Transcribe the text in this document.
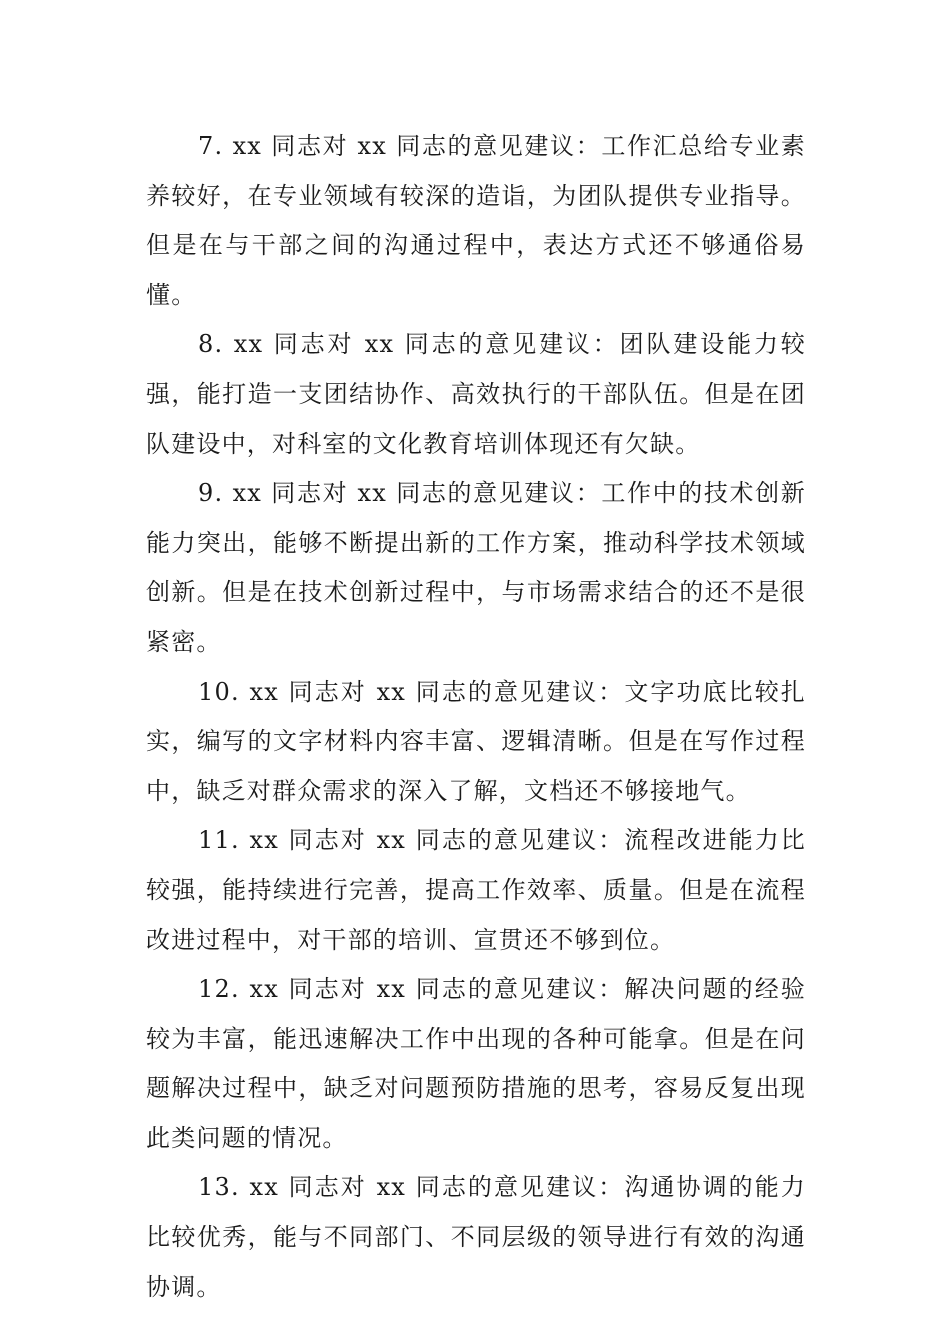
7. xx 同志对 xx 同志的意见建议：工作汇总给专业素养较好，在专业领域有较深的造诣，为团队提供专业指导。但是在与干部之间的沟通过程中，表达方式还不够通俗易懂。

8. xx 同志对 xx 同志的意见建议：团队建设能力较强，能打造一支团结协作、高效执行的干部队伍。但是在团队建设中，对科室的文化教育培训体现还有欠缺。

9. xx 同志对 xx 同志的意见建议：工作中的技术创新能力突出，能够不断提出新的工作方案，推动科学技术领域创新。但是在技术创新过程中，与市场需求结合的还不是很紧密。

10. xx 同志对 xx 同志的意见建议：文字功底比较扎实，编写的文字材料内容丰富、逻辑清晰。但是在写作过程中，缺乏对群众需求的深入了解，文档还不够接地气。

11. xx 同志对 xx 同志的意见建议：流程改进能力比较强，能持续进行完善，提高工作效率、质量。但是在流程改进过程中，对干部的培训、宣贯还不够到位。

12. xx 同志对 xx 同志的意见建议：解决问题的经验较为丰富，能迅速解决工作中出现的各种可能拿。但是在问题解决过程中，缺乏对问题预防措施的思考，容易反复出现此类问题的情况。

13. xx 同志对 xx 同志的意见建议：沟通协调的能力比较优秀，能与不同部门、不同层级的领导进行有效的沟通协调。
